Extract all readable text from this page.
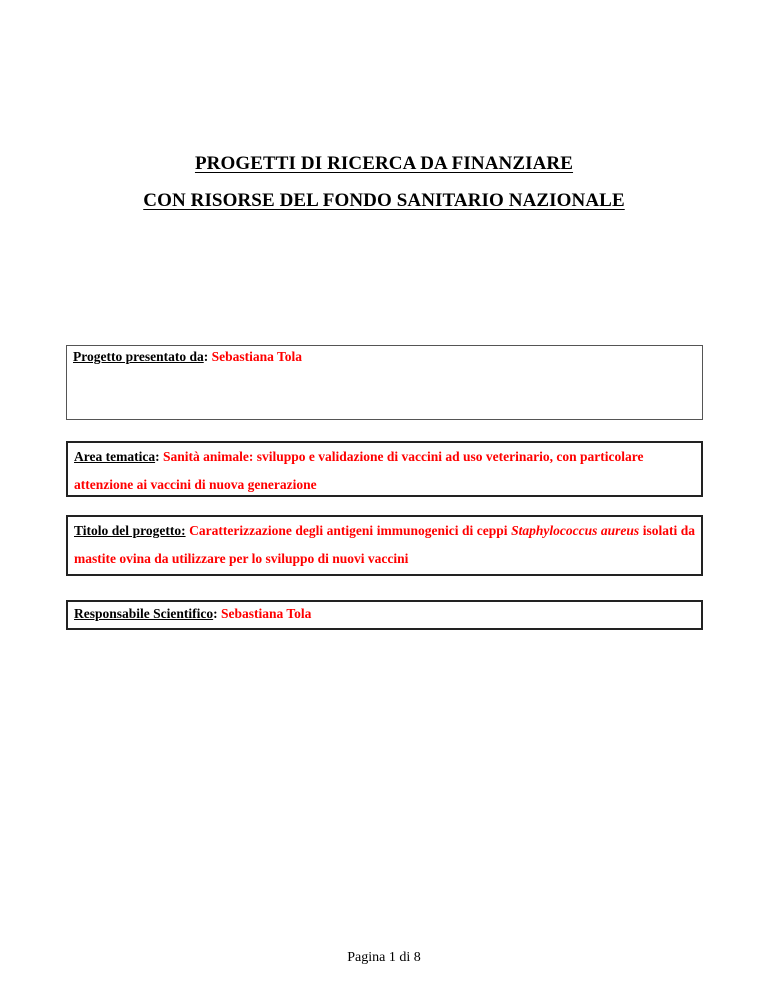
PROGETTI DI RICERCA DA FINANZIARE
CON RISORSE DEL FONDO SANITARIO NAZIONALE
Progetto presentato da: Sebastiana Tola
Area tematica: Sanità animale: sviluppo e validazione di vaccini ad uso veterinario, con particolare attenzione ai vaccini di nuova generazione
Titolo del progetto: Caratterizzazione degli antigeni immunogenici di ceppi Staphylococcus aureus isolati da mastite ovina da utilizzare per lo sviluppo di nuovi vaccini
Responsabile Scientifico: Sebastiana Tola
Pagina 1 di 8
